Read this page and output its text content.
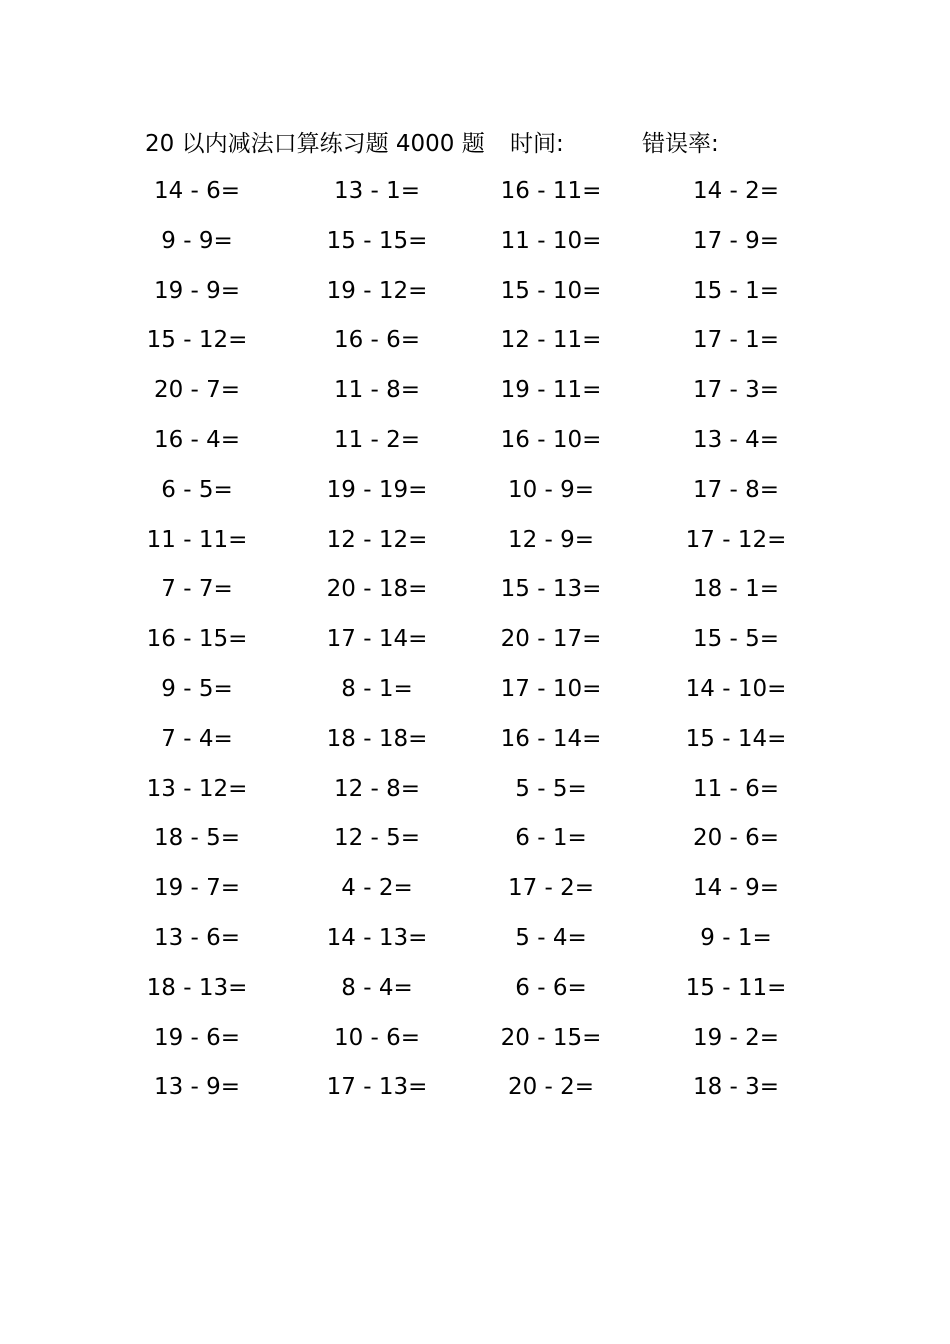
20 以内减法口算练习题 4000 题 时间:	错误率:
14 - 6=	13 - 1=	16 - 11=	14 - 2=
9 - 9=	15 - 15=	11 - 10=	17 - 9=
19 - 9=	19 - 12=	15 - 10=	15 - 1=
15 - 12=	16 - 6=	12 - 11=	17 - 1=
20 - 7=	11 - 8=	19 - 11=	17 - 3=
16 - 4=	11 - 2=	16 - 10=	13 - 4=
6 - 5=	19 - 19=	10 - 9=	17 - 8=
11 - 11=	12 - 12=	12 - 9=	17 - 12=
7 - 7=	20 - 18=	15 - 13=	18 - 1=
16 - 15=	17 - 14=	20 - 17=	15 - 5=
9 - 5=	8 - 1=	17 - 10=	14 - 10=
7 - 4=	18 - 18=	16 - 14=	15 - 14=
13 - 12=	12 - 8=	5 - 5=	11 - 6=
18 - 5=	12 - 5=	6 - 1=	20 - 6=
19 - 7=	4 - 2=	17 - 2=	14 - 9=
13 - 6=	14 - 13=	5 - 4=	9 - 1=
18 - 13=	8 - 4=	6 - 6=	15 - 11=
19 - 6=	10 - 6=	20 - 15=	19 - 2=
13 - 9=	17 - 13=	20 - 2=	18 - 3=
